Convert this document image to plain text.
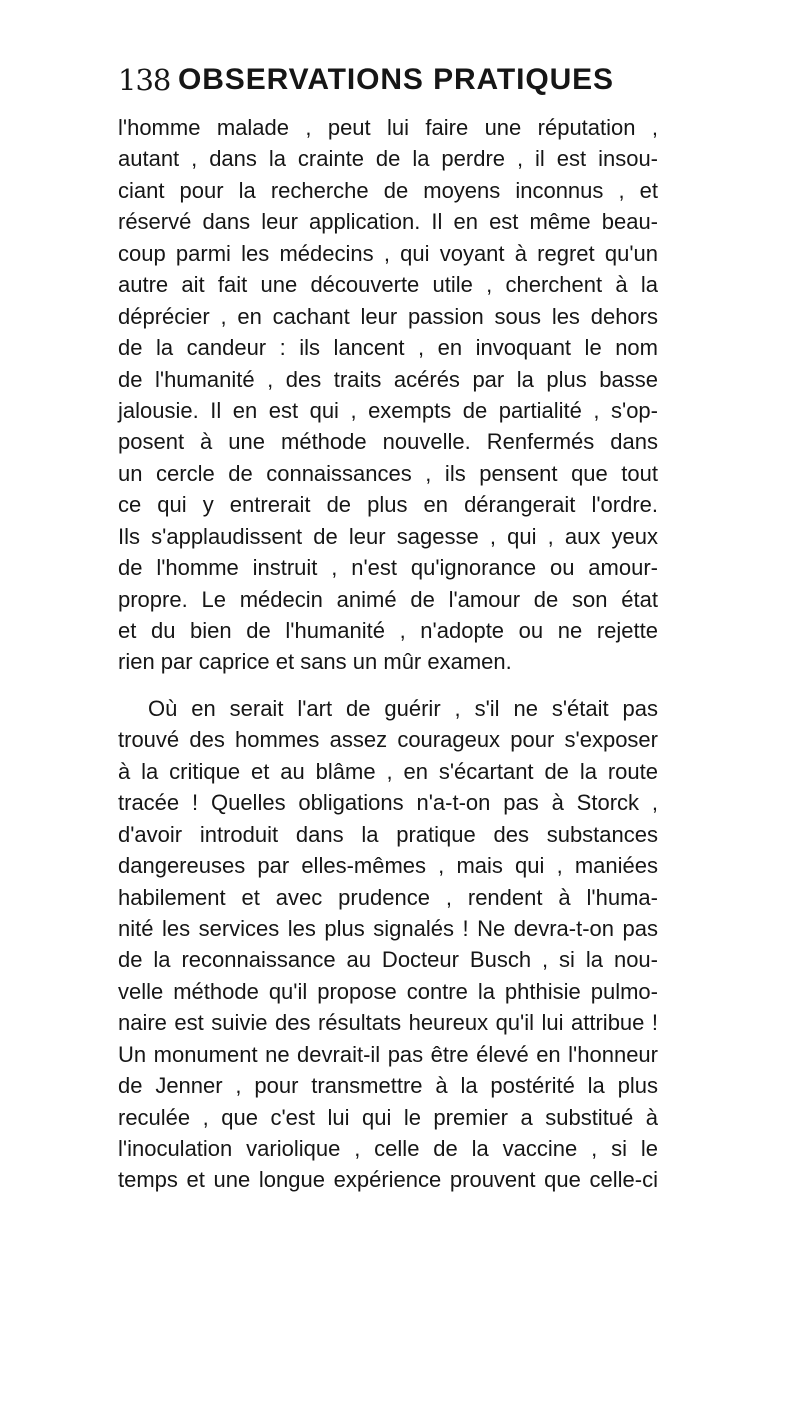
138 OBSERVATIONS PRATIQUES
l'homme malade , peut lui faire une réputation ,
autant , dans la crainte de la perdre , il est insou-
ciant pour la recherche de moyens inconnus , et
réservé dans leur application. Il en est même beau-
coup parmi les médecins , qui voyant à regret qu'un
autre ait fait une découverte utile , cherchent à la
déprécier , en cachant leur passion sous les dehors
de la candeur : ils lancent , en invoquant le nom
de l'humanité , des traits acérés par la plus basse
jalousie. Il en est qui , exempts de partialité , s'op-
posent à une méthode nouvelle. Renfermés dans
un cercle de connaissances , ils pensent que tout
ce qui y entrerait de plus en dérangerait l'ordre.
Ils s'applaudissent de leur sagesse , qui , aux yeux
de l'homme instruit , n'est qu'ignorance ou amour-
propre. Le médecin animé de l'amour de son état
et du bien de l'humanité , n'adopte ou ne rejette
rien par caprice et sans un mûr examen.
Où en serait l'art de guérir , s'il ne s'était pas
trouvé des hommes assez courageux pour s'exposer
à la critique et au blâme , en s'écartant de la route
tracée ! Quelles obligations n'a-t-on pas à Storck ,
d'avoir introduit dans la pratique des substances
dangereuses par elles-mêmes , mais qui , maniées
habilement et avec prudence , rendent à l'huma-
nité les services les plus signalés ! Ne devra-t-on pas
de la reconnaissance au Docteur Busch , si la nou-
velle méthode qu'il propose contre la phthisie pulmo-
naire est suivie des résultats heureux qu'il lui attribue !
Un monument ne devrait-il pas être élevé en l'honneur
de Jenner , pour transmettre à la postérité la plus
reculée , que c'est lui qui le premier a substitué à
l'inoculation variolique , celle de la vaccine , si le
temps et une longue expérience prouvent que celle-ci
